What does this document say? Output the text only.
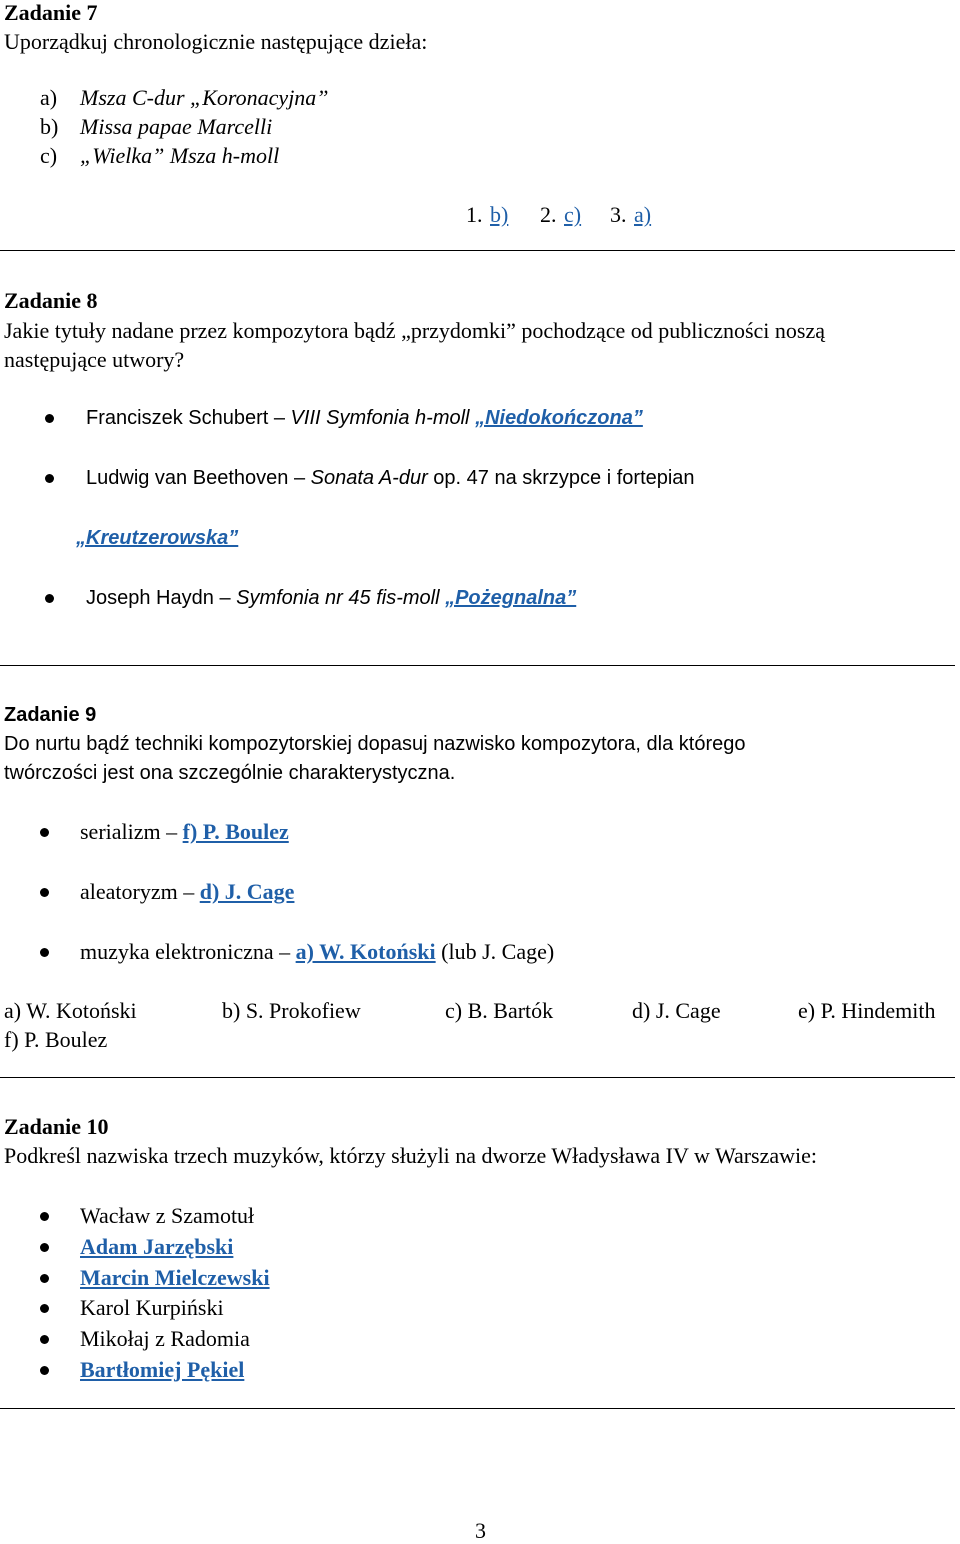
Zadanie 7
Uporządkuj chronologicznie następujące dzieła:
a) Msza C-dur „Koronacyjna”
b) Missa papae Marcelli
c) „Wielka” Msza h-moll
1. b) 2. c) 3. a)
Zadanie 8
Jakie tytuły nadane przez kompozytora bądź „przydomki” pochodzące od publiczności noszą
następujące utwory?
Franciszek Schubert – VIII Symfonia h-moll „Niedokończona”
Ludwig van Beethoven – Sonata A-dur op. 47 na skrzypce i fortepian
„Kreutzerowska”
Joseph Haydn – Symfonia nr 45 fis-moll „Pożegnalna”
Zadanie 9
Do nurtu bądź techniki kompozytorskiej dopasuj nazwisko kompozytora, dla którego
twórczości jest ona szczególnie charakterystyczna.
serializm – f) P. Boulez
aleatoryzm – d) J. Cage
muzyka elektroniczna – a) W. Kotoński (lub J. Cage)
a) W. Kotoński	b) S. Prokofiew	c) B. Bartók	d) J. Cage	e) P. Hindemith
f) P. Boulez
Zadanie 10
Podkreśl nazwiska trzech muzyków, którzy służyli na dworze Władysława IV w Warszawie:
Wacław z Szamotuł
Adam Jarzębski
Marcin Mielczewski
Karol Kurpiński
Mikołaj z Radomia
Bartłomiej Pękiel
3
